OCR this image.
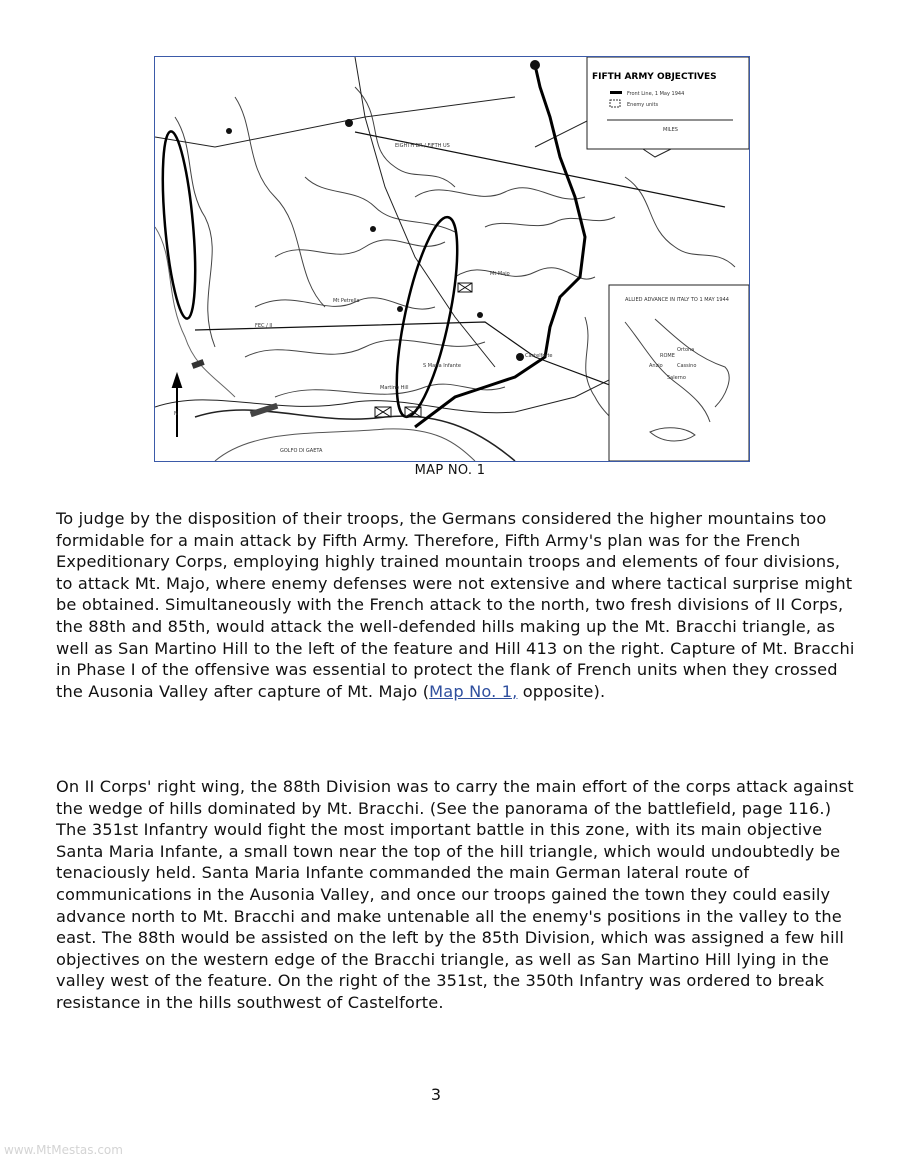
N
GOLFO DI GAETA
EIGHTH BR / FIFTH US
FEC / II
Mt Petrella
Mt Majo
S Maria Infante
Martino Hill
Castelforte
FIFTH ARMY OBJECTIVES
Front Line, 1 May 1944
Enemy units
MILES
ALLIED ADVANCE IN ITALY TO 1 MAY 1944
ROME
Anzio	Cassino
Salerno
Ortona
MAP NO. 1

To judge by the disposition of their troops, the Germans considered the higher mountains too formidable for a main attack by Fifth Army. Therefore, Fifth Army's plan was for the French Expeditionary Corps, employing highly trained mountain troops and elements of four divisions, to attack Mt. Majo, where enemy defenses were not extensive and where tactical surprise might be obtained. Simultaneously with the French attack to the north, two fresh divisions of II Corps, the 88th and 85th, would attack the well-defended hills making up the Mt. Bracchi triangle, as well as San Martino Hill to the left of the feature and Hill 413 on the right. Capture of Mt. Bracchi in Phase I of the offensive was essential to protect the flank of French units when they crossed the Ausonia Valley after capture of Mt. Majo (Map No. 1, opposite).

On II Corps' right wing, the 88th Division was to carry the main effort of the corps attack against the wedge of hills dominated by Mt. Bracchi. (See the panorama of the battlefield, page 116.) The 351st Infantry would fight the most important battle in this zone, with its main objective Santa Maria Infante, a small town near the top of the hill triangle, which would undoubtedly be tenaciously held. Santa Maria Infante commanded the main German lateral route of communications in the Ausonia Valley, and once our troops gained the town they could easily advance north to Mt. Bracchi and make untenable all the enemy's positions in the valley to the east. The 88th would be assisted on the left by the 85th Division, which was assigned a few hill objectives on the western edge of the Bracchi triangle, as well as San Martino Hill lying in the valley west of the feature. On the right of the 351st, the 350th Infantry was ordered to break resistance in the hills southwest of Castelforte.

3
www.MtMestas.com
